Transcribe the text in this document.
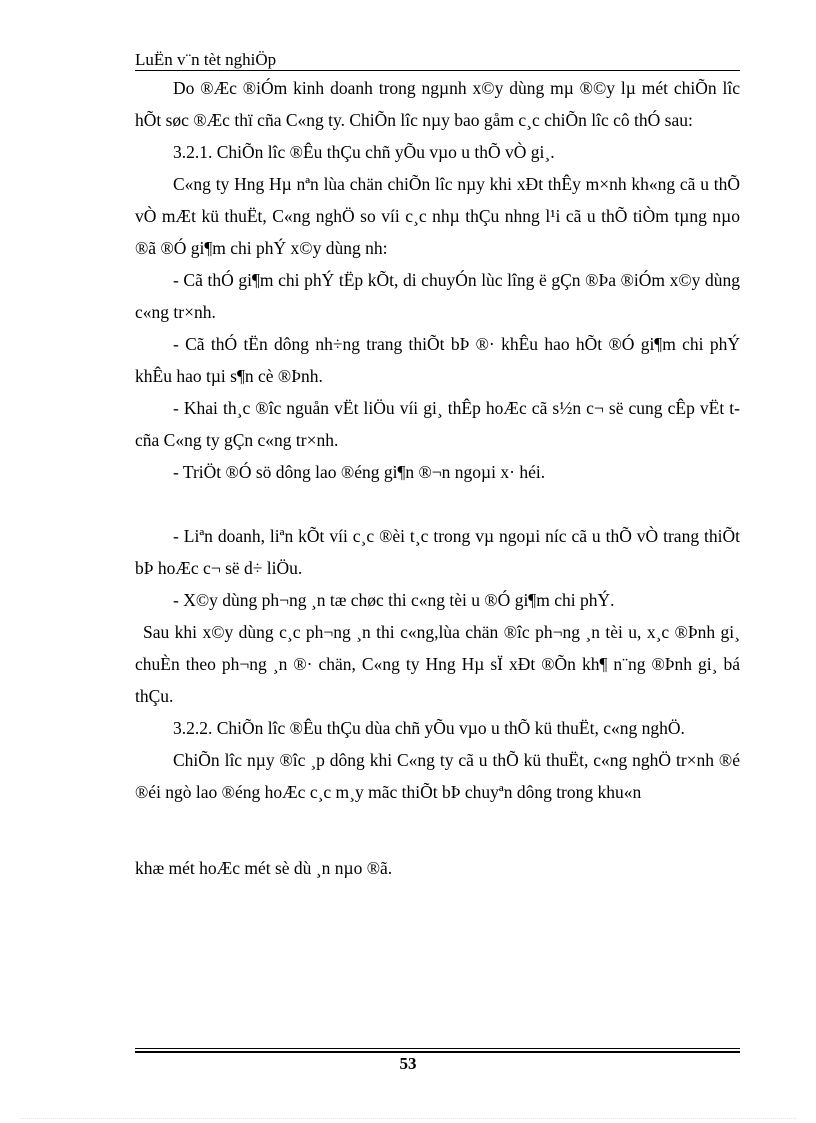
LuËn v¨n tèt nghiÖp

Do ®Æc ®iÓm kinh doanh trong ngµnh x©y dùng mµ ®©y lµ mét chiÕn lîc hÕt søc ®Æc thï cña C«ng ty. ChiÕn lîc nµy bao gåm c¸c chiÕn lîc cô thÓ sau:

3.2.1. ChiÕn lîc ®Êu thÇu chñ yÕu vµo u thÕ vÒ gi¸.

C«ng ty Hng Hµ nªn lùa chän chiÕn lîc nµy khi xÐt thÊy m×nh kh«ng cã u thÕ vÒ mÆt kü thuËt, C«ng nghÖ so víi c¸c nhµ thÇu nhng l¹i cã u thÕ tiÒm tµng nµo ®ã ®Ó gi¶m chi phÝ x©y dùng nh:

- Cã thÓ gi¶m chi phÝ tËp kÕt, di chuyÓn lùc lîng ë gÇn ®Þa ®iÓm x©y dùng c«ng tr×nh.

- Cã thÓ tËn dông nh÷ng trang thiÕt bÞ ®· khÊu hao hÕt ®Ó gi¶m chi phÝ khÊu hao tµi s¶n cè ®Þnh.

- Khai th¸c ®îc nguån vËt liÖu víi gi¸ thÊp hoÆc cã s½n c¬ së cung cÊp vËt t cña C«ng ty gÇn c«ng tr×nh.

- TriÖt ®Ó sö dông lao ®éng gi¶n ®¬n ngoµi x· héi.

- Liªn doanh, liªn kÕt víi c¸c ®èi t¸c trong vµ ngoµi níc cã u thÕ vÒ trang thiÕt bÞ hoÆc c¬ së d÷ liÖu.

- X©y dùng ph¬ng ¸n tæ chøc thi c«ng tèi u ®Ó gi¶m chi phÝ.

Sau khi x©y dùng c¸c ph¬ng ¸n thi c«ng,lùa chän ®îc ph¬ng ¸n tèi u, x¸c ®Þnh gi¸ chuÈn theo ph¬ng ¸n ®· chän, C«ng ty Hng Hµ sÏ xÐt ®Õn kh¶ n¨ng ®Þnh gi¸ bá thÇu.

3.2.2. ChiÕn lîc ®Êu thÇu dùa chñ yÕu vµo u thÕ kü thuËt, c«ng nghÖ.

ChiÕn lîc nµy ®îc ¸p dông khi C«ng ty cã u thÕ kü thuËt, c«ng nghÖ tr×nh ®é ®éi ngò lao ®éng hoÆc c¸c m¸y mãc thiÕt bÞ chuyªn dông trong khu«n

khæ mét hoÆc mét sè dù ¸n nµo ®ã.

53
